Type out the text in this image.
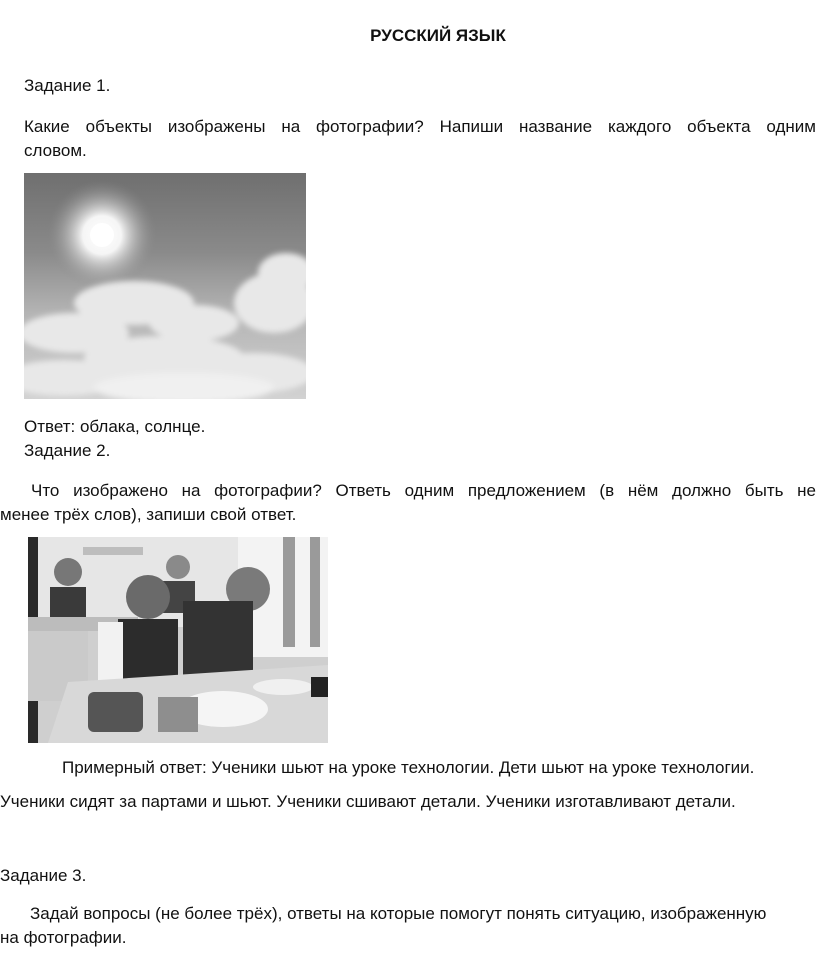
РУССКИЙ ЯЗЫК
Задание 1.
Какие объекты изображены на фотографии? Напиши название каждого объекта одним
словом.
Ответ: облака, солнце.
Задание 2.
Что изображено на фотографии? Ответь одним предложением (в нём должно быть не
менее трёх слов), запиши свой ответ.
Примерный ответ: Ученики шьют на уроке технологии. Дети шьют на уроке технологии.
Ученики сидят за партами и шьют. Ученики сшивают детали. Ученики изготавливают детали.
Задание 3.
Задай вопросы (не более трёх), ответы на которые помогут понять ситуацию, изображенную
на фотографии.
